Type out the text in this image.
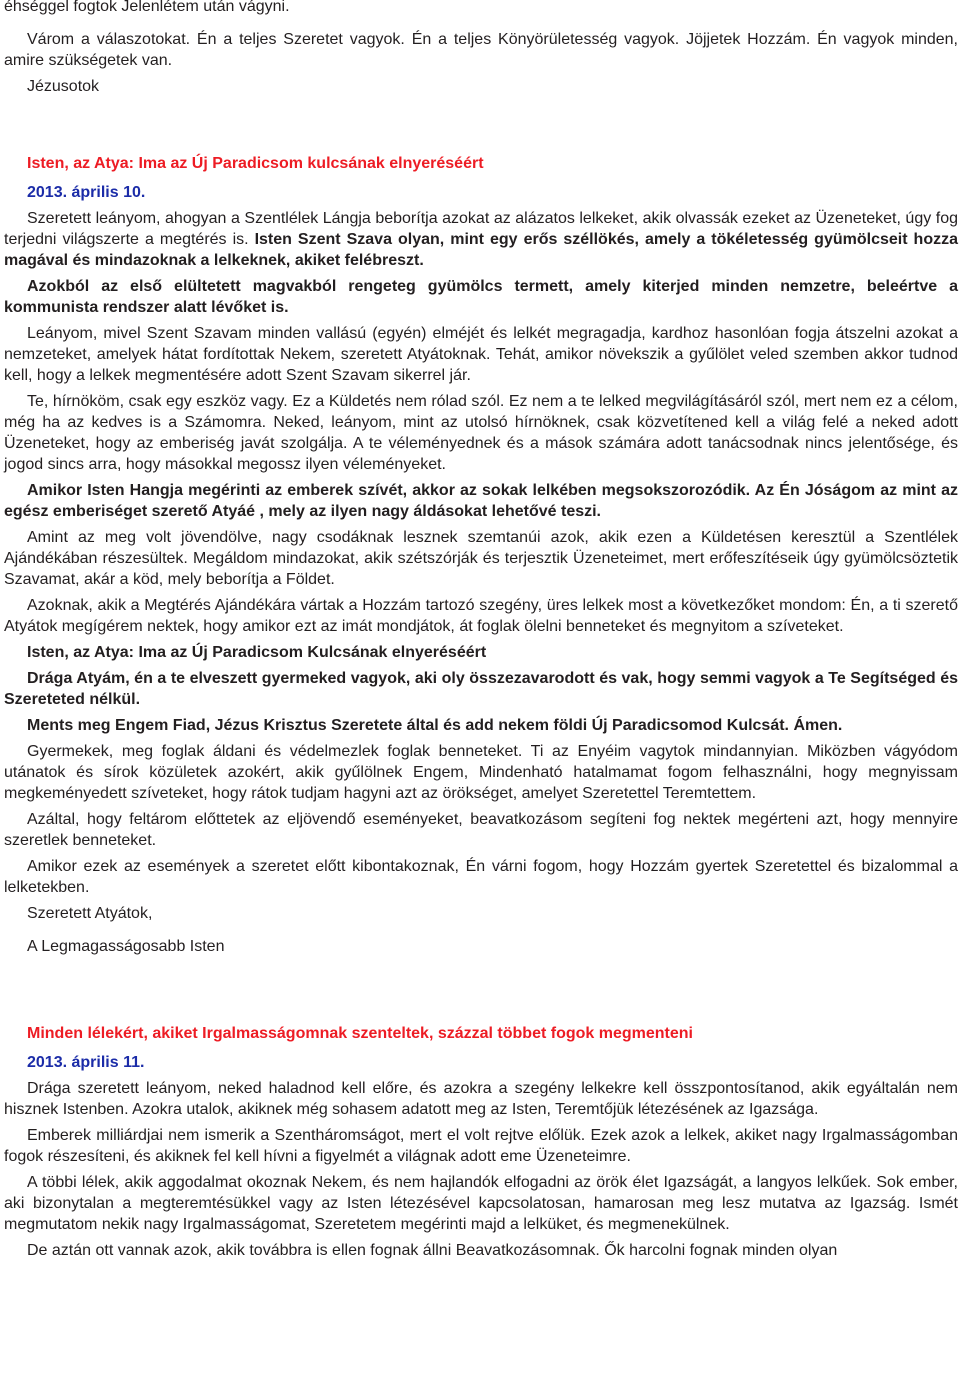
éhséggel fogtok Jelenlétem után vágyni.

Várom a válaszotokat. Én a teljes Szeretet vagyok. Én a teljes Könyörületesség vagyok. Jöjjetek Hozzám. Én vagyok minden, amire szükségetek van.

Jézusotok

Isten, az Atya: Ima az Új Paradicsom kulcsának elnyeréséért

2013. április 10.

Szeretett leányom, ahogyan a Szentlélek Lángja beborítja azokat az alázatos lelkeket, akik olvassák ezeket az Üzeneteket, úgy fog terjedni világszerte a megtérés is. Isten Szent Szava olyan, mint egy erős széllökés, amely a tökéletesség gyümölcseit hozza magával és mindazoknak a lelkeknek, akiket felébreszt.

Azokból az első elültetett magvakból rengeteg gyümölcs termett, amely kiterjed minden nemzetre, beleértve a kommunista rendszer alatt lévőket is.

Leányom, mivel Szent Szavam minden vallású (egyén) elméjét és lelkét megragadja, kardhoz hasonlóan fogja átszelni azokat a nemzeteket, amelyek hátat fordítottak Nekem, szeretett Atyátoknak. Tehát, amikor növekszik a gyűlölet veled szemben akkor tudnod kell, hogy a lelkek megmentésére adott Szent Szavam sikerrel jár.

Te, hírnököm, csak egy eszköz vagy. Ez a Küldetés nem rólad szól. Ez nem a te lelked megvilágításáról szól, mert nem ez a célom, még ha az kedves is a Számomra. Neked, leányom, mint az utolsó hírnöknek, csak közvetítened kell a világ felé a neked adott Üzeneteket, hogy az emberiség javát szolgálja. A te véleményednek és a mások számára adott tanácsodnak nincs jelentősége, és jogod sincs arra, hogy másokkal megossz ilyen véleményeket.

Amikor Isten Hangja megérinti az emberek szívét, akkor az sokak lelkében megsokszorozódik. Az Én Jóságom az mint az egész emberiséget szerető Atyáé , mely az ilyen nagy áldásokat lehetővé teszi.

Amint az meg volt jövendölve, nagy csodáknak lesznek szemtanúi azok, akik ezen a Küldetésen keresztül a Szentlélek Ajándékában részesültek. Megáldom mindazokat, akik szétszórják és terjesztik Üzeneteimet, mert erőfeszítéseik úgy gyümölcsöztetik Szavamat, akár a köd, mely beborítja a Földet.

Azoknak, akik a Megtérés Ajándékára vártak a Hozzám tartozó szegény, üres lelkek most a következőket mondom: Én, a ti szerető Atyátok megígérem nektek, hogy amikor ezt az imát mondjátok, át foglak ölelni benneteket és megnyitom a szíveteket.

Isten, az Atya: Ima az Új Paradicsom Kulcsának elnyeréséért

Drága Atyám, én a te elveszett gyermeked vagyok, aki oly összezavarodott és vak, hogy semmi vagyok a Te Segítséged és Szereteted nélkül.

Ments meg Engem Fiad, Jézus Krisztus Szeretete által és add nekem földi Új Paradicsomod Kulcsát. Ámen.

Gyermekek, meg foglak áldani és védelmezlek foglak benneteket. Ti az Enyéim vagytok mindannyian. Miközben vágyódom utánatok és sírok közületek azokért, akik gyűlölnek Engem, Mindenható hatalmamat fogom felhasználni, hogy megnyissam megkeményedett szíveteket, hogy rátok tudjam hagyni azt az örökséget, amelyet Szeretettel Teremtettem.

Azáltal, hogy feltárom előttetek az eljövendő eseményeket, beavatkozásom segíteni fog nektek megérteni azt, hogy mennyire szeretlek benneteket.

Amikor ezek az események a szeretet előtt kibontakoznak, Én várni fogom, hogy Hozzám gyertek Szeretettel és bizalommal a lelketekben.

Szeretett Atyátok,

A Legmagasságosabb Isten

Minden lélekért, akiket Irgalmasságomnak szenteltek, százzal többet fogok megmenteni

2013. április 11.

Drága szeretett leányom, neked haladnod kell előre, és azokra a szegény lelkekre kell összpontosítanod, akik egyáltalán nem hisznek Istenben. Azokra utalok, akiknek még sohasem adatott meg az Isten, Teremtőjük létezésének az Igazsága.

Emberek milliárdjai nem ismerik a Szentháromságot, mert el volt rejtve előlük. Ezek azok a lelkek, akiket nagy Irgalmasságomban fogok részesíteni, és akiknek fel kell hívni a figyelmét a világnak adott eme Üzeneteimre.

A többi lélek, akik aggodalmat okoznak Nekem, és nem hajlandók elfogadni az örök élet Igazságát, a langyos lelkűek. Sok ember, aki bizonytalan a megteremtésükkel vagy az Isten létezésével kapcsolatosan, hamarosan meg lesz mutatva az Igazság. Ismét megmutatom nekik nagy Irgalmasságomat, Szeretetem megérinti majd a lelküket, és megmenekülnek.

De aztán ott vannak azok, akik továbbra is ellen fognak állni Beavatkozásomnak. Ők harcolni fognak minden olyan
